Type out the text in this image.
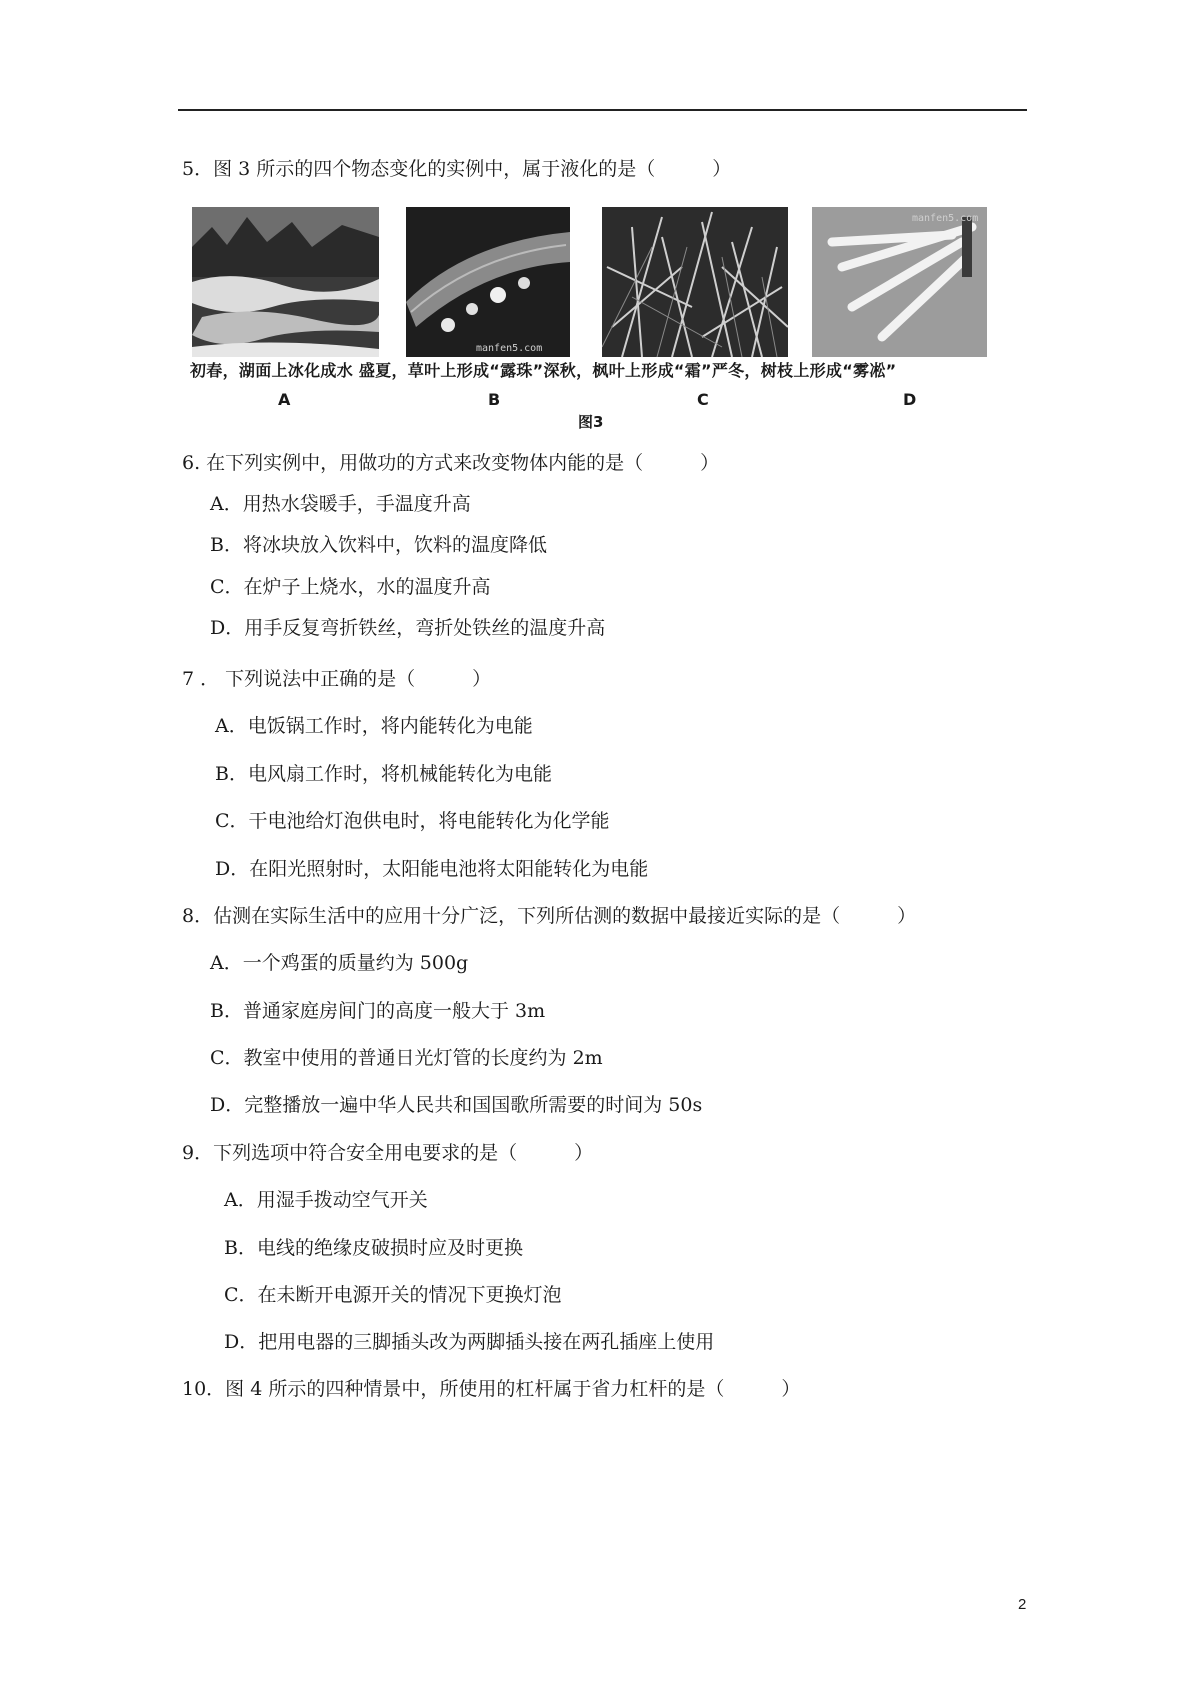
5．图 3 所示的四个物态变化的实例中，属于液化的是（　　　）
manfen5.com
manfen5.com
初春，湖面上冰化成水 盛夏，草叶上形成“露珠”深秋，枫叶上形成“霜”严冬，树枝上形成“雾凇”
A	B	C	D
图3
6. 在下列实例中，用做功的方式来改变物体内能的是（　　　）
A．用热水袋暖手，手温度升高
B．将冰块放入饮料中，饮料的温度降低
C．在炉子上烧水，水的温度升高
D．用手反复弯折铁丝，弯折处铁丝的温度升高
7 ． 下列说法中正确的是（　　　）
A．电饭锅工作时，将内能转化为电能
B．电风扇工作时，将机械能转化为电能
C．干电池给灯泡供电时，将电能转化为化学能
D．在阳光照射时，太阳能电池将太阳能转化为电能
8．估测在实际生活中的应用十分广泛，下列所估测的数据中最接近实际的是（　　　）
A．一个鸡蛋的质量约为 500g
B．普通家庭房间门的高度一般大于 3m
C．教室中使用的普通日光灯管的长度约为 2m
D．完整播放一遍中华人民共和国国歌所需要的时间为 50s
9．下列选项中符合安全用电要求的是（　　　）
A．用湿手拨动空气开关
B．电线的绝缘皮破损时应及时更换
C．在未断开电源开关的情况下更换灯泡
D．把用电器的三脚插头改为两脚插头接在两孔插座上使用
10．图 4 所示的四种情景中，所使用的杠杆属于省力杠杆的是（　　　）
2
